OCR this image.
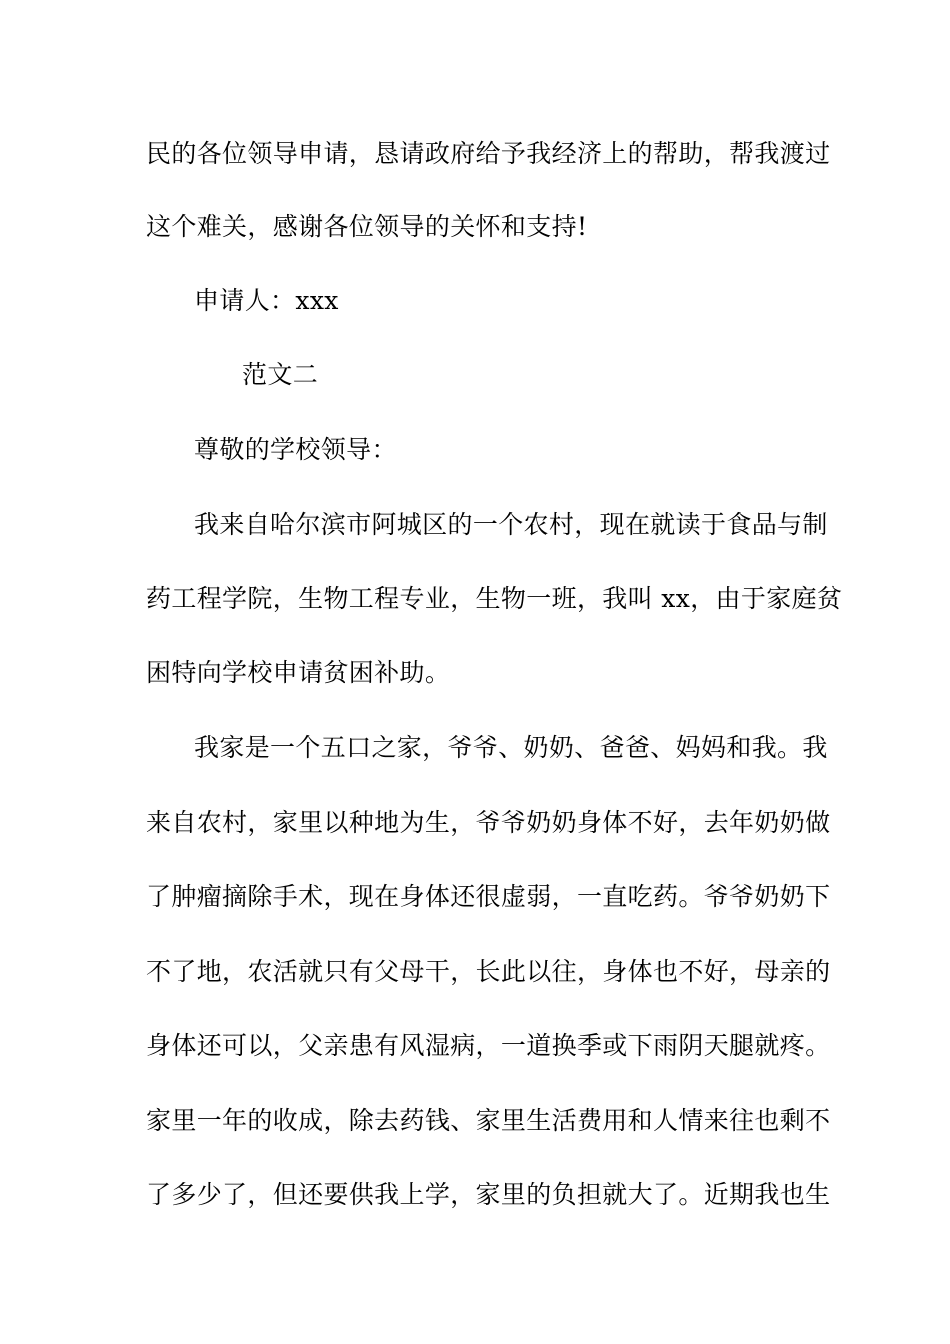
民的各位领导申请，恳请政府给予我经济上的帮助，帮我渡过
这个难关，感谢各位领导的关怀和支持!
申请人：xxx
范文二
尊敬的学校领导：
我来自哈尔滨市阿城区的一个农村，现在就读于食品与制
药工程学院，生物工程专业，生物一班，我叫 xx，由于家庭贫
困特向学校申请贫困补助。
我家是一个五口之家，爷爷、奶奶、爸爸、妈妈和我。我
来自农村，家里以种地为生，爷爷奶奶身体不好，去年奶奶做
了肿瘤摘除手术，现在身体还很虚弱，一直吃药。爷爷奶奶下
不了地，农活就只有父母干，长此以往，身体也不好，母亲的
身体还可以，父亲患有风湿病，一道换季或下雨阴天腿就疼。
家里一年的收成，除去药钱、家里生活费用和人情来往也剩不
了多少了，但还要供我上学，家里的负担就大了。近期我也生
